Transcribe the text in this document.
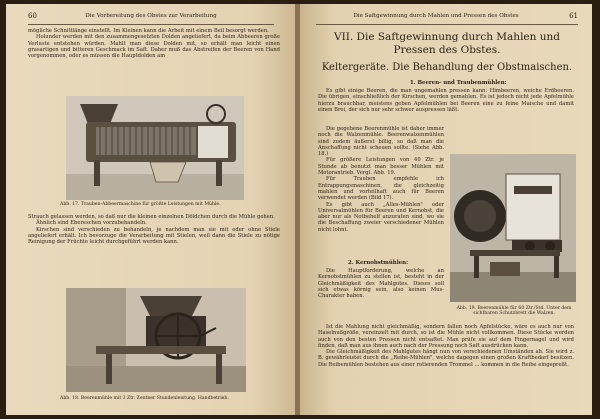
60	Die Vorbereitung des Obstes zur Verarbeitung

mögliche Schnittlänge einstellt. Im Kleinen kann die Arbeit mit einem Beil besorgt werden.

Holunder werden mit den zusammengesetzten Dolden angeliefert, da beim Abbeeren große Verluste entstehen würden. Mahlt man diese Dolden mit, so erhält man leicht einen grasartigen und bitteren Geschmack im Saft. Daher muß das Abstreifen der Beeren von Hand vorgenommen, oder es müssen die Hauptdolden am

Abb. 17. Trauben-Abbeermaschine für größte Leistungen mit Mühle.

Strauch gelassen werden, so daß nur die kleinen einzelnen Döldchen durch die Mühle gehen.

Ähnlich sind Ebereschen vorzubehandeln.

Kirschen sind verschieden zu behandeln, je nachdem man sie mit oder ohne Stiele angeliefert erhält. Ich bevorzuge die Verarbeitung mit Stielen, weil dann die Stiele zu nötige Reinigung der Früchte leicht durchgeführt werden kann.

Abb. 18. Beerenmühle mit 3 Ztr. Zentner Stundenleistung. Handbetrieb.
Die Saftgewinnung durch Mahlen und Pressen des Obstes	61
VII. Die Saftgewinnung durch Mahlen und Pressen des Obstes.
Keltergeräte. Die Behandlung der Obstmaischen.
1. Beeren- und Traubenmühlen:

Es gibt einige Beeren, die man ungemahlen pressen kann: Himbeeren, weiche Erdbeeren. Die übrigen, einschließlich der Kirschen, werden gemahlen. Es ist jedoch nicht jede Apfelmühle hierzu brauchbar, meistens geben Apfelmühlen bei Beeren eine zu feine Maische und damit einen Brei, der sich nur sehr schwer auspressen läßt.

Die gegebene Beerenmühle ist daher immer noch die Walzenmühle. Beerenwalzenmühlen sind zudem äußerst billig, so daß man die Anschaffung nicht scheuen sollte. (Siehe Abb. 18.)

Für größere Leistungen von 40 Ztr. je Stunde ab benutzt man besser Mühlen mit Motorantrieb. Vergl. Abb. 19.

Für Trauben empfehle ich Entrappungsmaschinen, die gleichzeitig mahlen und vorteilhaft auch für Beeren verwendet werden (Bild 17).

Es gibt auch „Alles-Mühlen" oder Universalmühlen für Beeren und Kernobst, die aber nur als Notbehelf anzuraten sind, wo sie die Beschaffung zweier verschiedener Mühlen nicht lohnt.

Abb. 19. Beerenmühle für 60 Ztr./Std. Unter dem sichtbaren Schutzbrett die Walzen.
2. Kernobstmühlen:

Die Hauptforderung, welche an Kernobstmühlen zu stellen ist, besteht in der Gleichmäßigkeit des Mahlgutes. Dieses soll sich etwas körnig sein, also keinen Mus-Charakter haben.

Ist die Mahlung nicht gleichmäßig, sondern fallen noch Apfelstücke, wäre es auch nur von Haselnußgröße, vereinzelt mit durch, so ist die Mühle nicht vollkommen. Diese Stücke werden auch von den besten Pressen nicht entsaftet. Man prüfe sie auf dem Fingernagel und wird finden, daß man aus ihnen auch nach der Pressung noch Saft ausdrücken kann.

Die Gleichmäßigkeit des Mahlgutes hängt nun von verschiedenen Umständen ab. Sie wird z. B. gewährleistet durch die „Reibe-Mühlen", welche dagegen einen großen Kraftbedarf besitzen. Die Reibemühlen bestehen aus einer rotierenden Trommel ... kommen in die Reibe eingepreßt.
